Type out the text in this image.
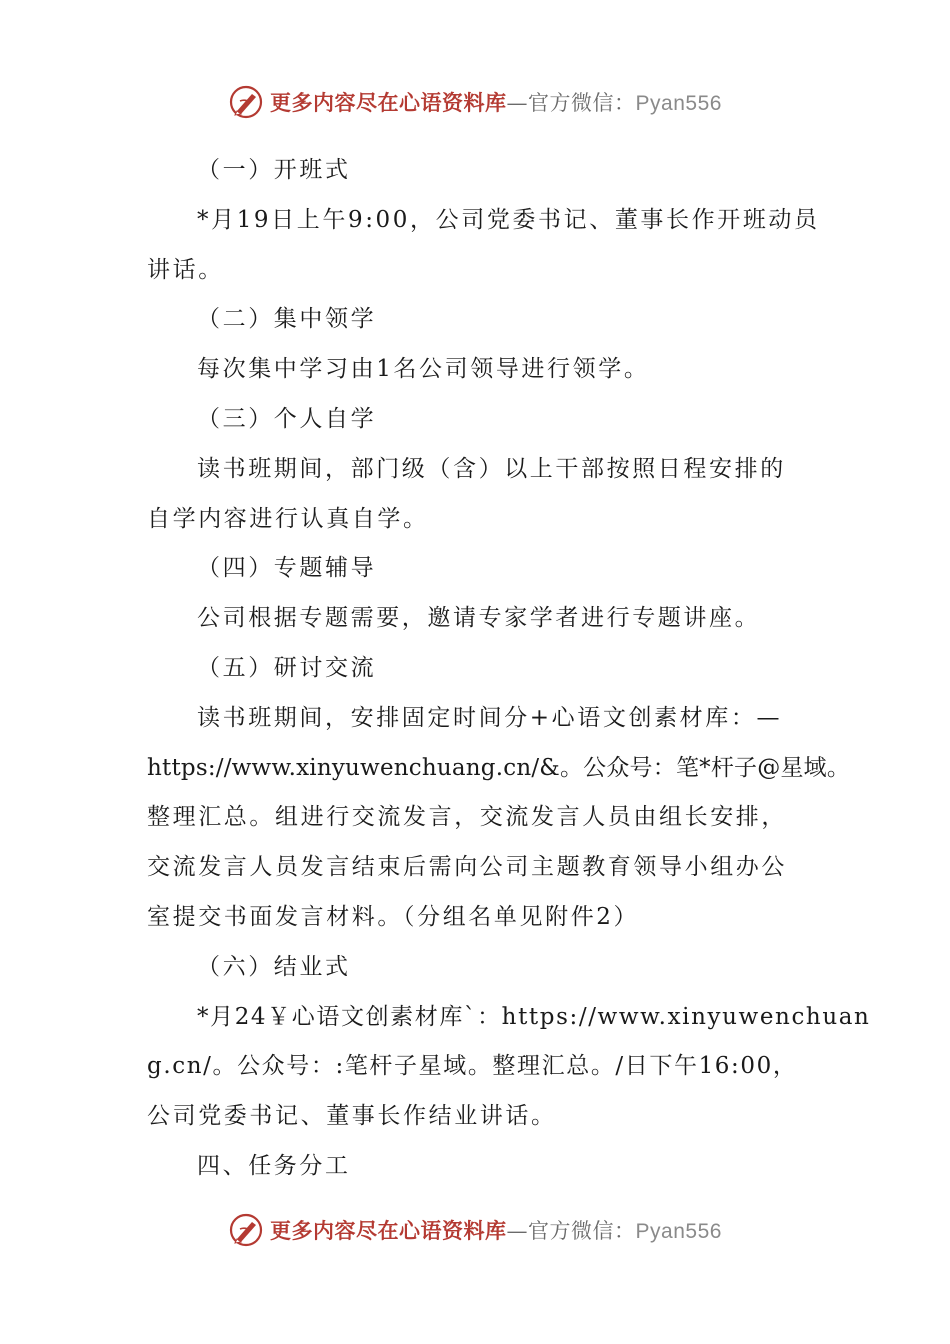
更多内容尽在心语资料库—官方微信：Pyan556
（一）开班式
*月19日上午9:00，公司党委书记、董事长作开班动员
讲话。
（二）集中领学
每次集中学习由1名公司领导进行领学。
（三）个人自学
读书班期间，部门级（含）以上干部按照日程安排的
自学内容进行认真自学。
（四）专题辅导
公司根据专题需要，邀请专家学者进行专题讲座。
（五）研讨交流
读书班期间，安排固定时间分+心语文创素材库：—
https://www.xinyuwenchuang.cn/&。公众号：笔*杆子@星域。
整理汇总。组进行交流发言，交流发言人员由组长安排，
交流发言人员发言结束后需向公司主题教育领导小组办公
室提交书面发言材料。（分组名单见附件2）
（六）结业式
*月24￥心语文创素材库`：https://www.xinyuwenchuan
g.cn/。公众号：:笔杆子星域。整理汇总。/日下午16:00，
公司党委书记、董事长作结业讲话。
四、任务分工
更多内容尽在心语资料库—官方微信：Pyan556
